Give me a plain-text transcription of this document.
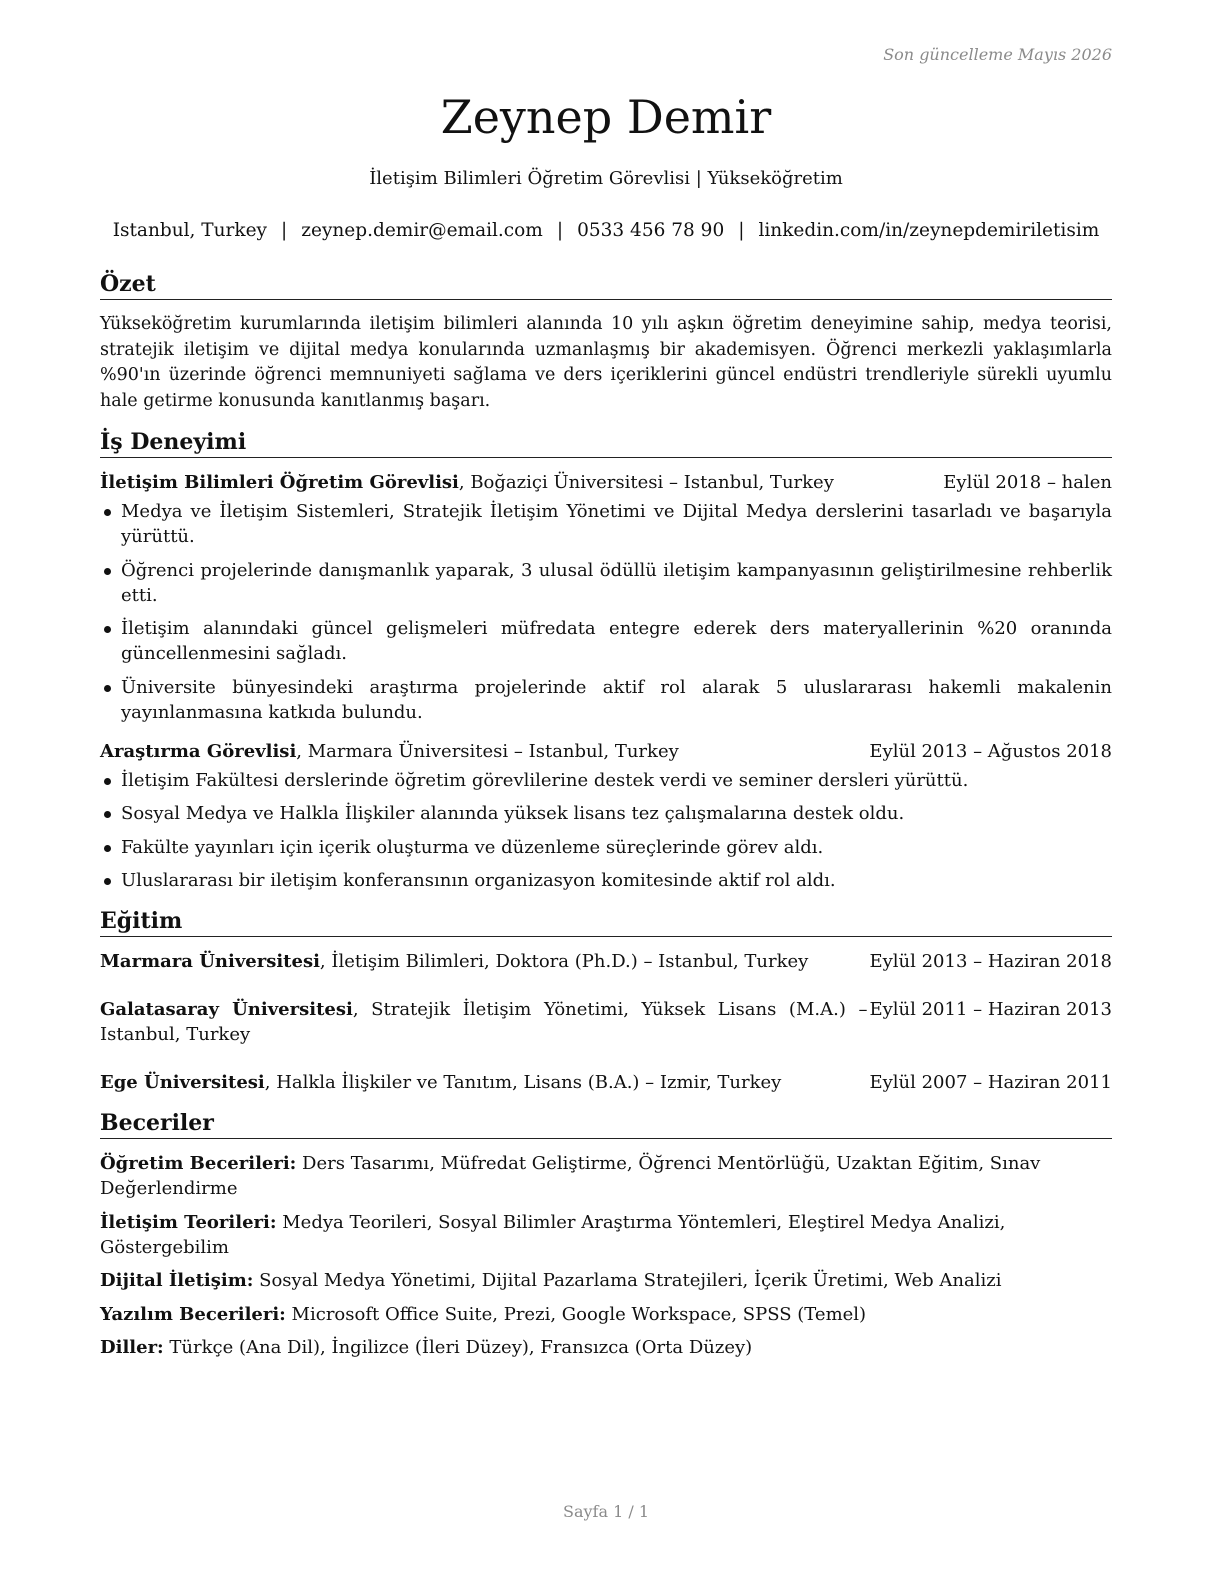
Son güncelleme Mayıs 2026
Zeynep Demir
İletişim Bilimleri Öğretim Görevlisi | Yükseköğretim
Istanbul, Turkey | zeynep.demir@email.com | 0533 456 78 90 | linkedin.com/in/zeynepdemiriletisim
Özet

Yükseköğretim kurumlarında iletişim bilimleri alanında 10 yılı aşkın öğretim deneyimine sahip, medya teorisi, stratejik iletişim ve dijital medya konularında uzmanlaşmış bir akademisyen. Öğrenci merkezli yaklaşımlarla %90'ın üzerinde öğrenci memnuniyeti sağlama ve ders içeriklerini güncel endüstri trendleriyle sürekli uyumlu hale getirme konusunda kanıtlanmış başarı.

İş Deneyimi
İletişim Bilimleri Öğretim Görevlisi, Boğaziçi Üniversitesi – Istanbul, Turkey	Eylül 2018 – halen
Medya ve İletişim Sistemleri, Stratejik İletişim Yönetimi ve Dijital Medya derslerini tasarladı ve başarıyla yürüttü.
Öğrenci projelerinde danışmanlık yaparak, 3 ulusal ödüllü iletişim kampanyasının geliştirilmesine rehberlik etti.
İletişim alanındaki güncel gelişmeleri müfredata entegre ederek ders materyallerinin %20 oranında güncellenmesini sağladı.
Üniversite bünyesindeki araştırma projelerinde aktif rol alarak 5 uluslararası hakemli makalenin yayınlanmasına katkıda bulundu.
Araştırma Görevlisi, Marmara Üniversitesi – Istanbul, Turkey	Eylül 2013 – Ağustos 2018
İletişim Fakültesi derslerinde öğretim görevlilerine destek verdi ve seminer dersleri yürüttü.
Sosyal Medya ve Halkla İlişkiler alanında yüksek lisans tez çalışmalarına destek oldu.
Fakülte yayınları için içerik oluşturma ve düzenleme süreçlerinde görev aldı.
Uluslararası bir iletişim konferansının organizasyon komitesinde aktif rol aldı.
Eğitim
Marmara Üniversitesi, İletişim Bilimleri, Doktora (Ph.D.) – Istanbul, Turkey	Eylül 2013 – Haziran 2018
Galatasaray Üniversitesi, Stratejik İletişim Yönetimi, Yüksek Lisans (M.A.) – Istanbul, Turkey
Eylül 2011 – Haziran 2013
Ege Üniversitesi, Halkla İlişkiler ve Tanıtım, Lisans (B.A.) – Izmir, Turkey	Eylül 2007 – Haziran 2011
Beceriler
Öğretim Becerileri: Ders Tasarımı, Müfredat Geliştirme, Öğrenci Mentörlüğü, Uzaktan Eğitim, Sınav Değerlendirme
İletişim Teorileri: Medya Teorileri, Sosyal Bilimler Araştırma Yöntemleri, Eleştirel Medya Analizi, Göstergebilim
Dijital İletişim: Sosyal Medya Yönetimi, Dijital Pazarlama Stratejileri, İçerik Üretimi, Web Analizi
Yazılım Becerileri: Microsoft Office Suite, Prezi, Google Workspace, SPSS (Temel)
Diller: Türkçe (Ana Dil), İngilizce (İleri Düzey), Fransızca (Orta Düzey)
Sayfa 1 / 1
